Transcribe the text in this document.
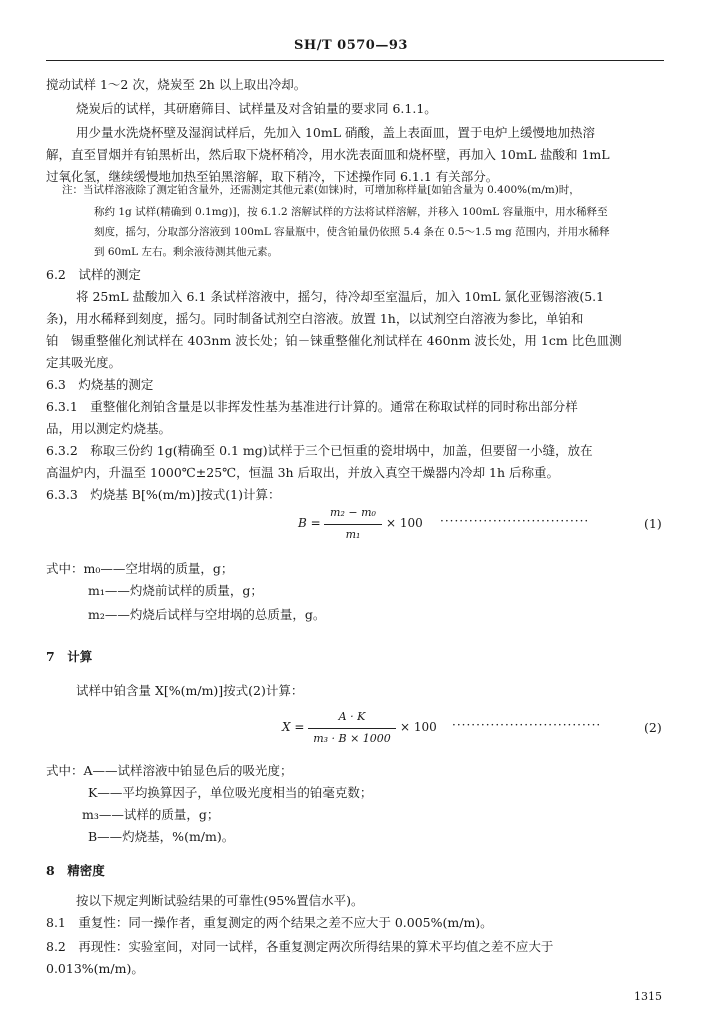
SH/T 0570—93
搅动试样 1～2 次，烧炭至 2h 以上取出冷却。
烧炭后的试样，其研磨筛目、试样量及对含铂量的要求同 6.1.1。
用少量水洗烧杯壁及湿润试样后，先加入 10mL 硝酸，盖上表面皿，置于电炉上缓慢地加热溶
解，直至冒烟并有铂黑析出，然后取下烧杯稍冷，用水洗表面皿和烧杯壁，再加入 10mL 盐酸和 1mL
过氧化氢，继续缓慢地加热至铂黑溶解，取下稍冷，下述操作同 6.1.1 有关部分。
注：当试样溶液除了测定铂含量外，还需测定其他元素(如铼)时，可增加称样量[如铂含量为 0.400%(m/m)时，
称约 1g 试样(精确到 0.1mg)]，按 6.1.2 溶解试样的方法将试样溶解，并移入 100mL 容量瓶中，用水稀释至
刻度，摇匀，分取部分溶液到 100mL 容量瓶中，使含铂量仍依照 5.4 条在 0.5～1.5 mg 范围内，并用水稀释
到 60mL 左右。剩余液待测其他元素。
6.2　试样的测定
将 25mL 盐酸加入 6.1 条试样溶液中，摇匀，待冷却至室温后，加入 10mL 氯化亚锡溶液(5.1
条)，用水稀释到刻度，摇匀。同时制备试剂空白溶液。放置 1h，以试剂空白溶液为参比，单铂和
铂　锡重整催化剂试样在 403nm 波长处；铂－铼重整催化剂试样在 460nm 波长处，用 1cm 比色皿测
定其吸光度。
6.3　灼烧基的测定
6.3.1　重整催化剂铂含量是以非挥发性基为基准进行计算的。通常在称取试样的同时称出部分样
品，用以测定灼烧基。
6.3.2　称取三份约 1g(精确至 0.1 mg)试样于三个已恒重的瓷坩埚中，加盖，但要留一小缝，放在
高温炉内，升温至 1000℃±25℃，恒温 3h 后取出，并放入真空干燥器内冷却 1h 后称重。
6.3.3　灼烧基 B[%(m/m)]按式(1)计算：
B =
m₂ − m₀
m₁
× 100 ·······························	(1)
式中：m₀——空坩埚的质量，g；
m₁——灼烧前试样的质量，g；
m₂——灼烧后试样与空坩埚的总质量，g。
7　计算
试样中铂含量 X[%(m/m)]按式(2)计算：
X =
A · K
m₃ · B × 1000
× 100 ·······························	(2)
式中：A——试样溶液中铂显色后的吸光度；
K——平均换算因子，单位吸光度相当的铂毫克数；
m₃——试样的质量，g；
B——灼烧基，%(m/m)。
8　精密度
按以下规定判断试验结果的可靠性(95%置信水平)。
8.1　重复性：同一操作者，重复测定的两个结果之差不应大于 0.005%(m/m)。
8.2　再现性：实验室间，对同一试样，各重复测定两次所得结果的算术平均值之差不应大于
0.013%(m/m)。
1315
